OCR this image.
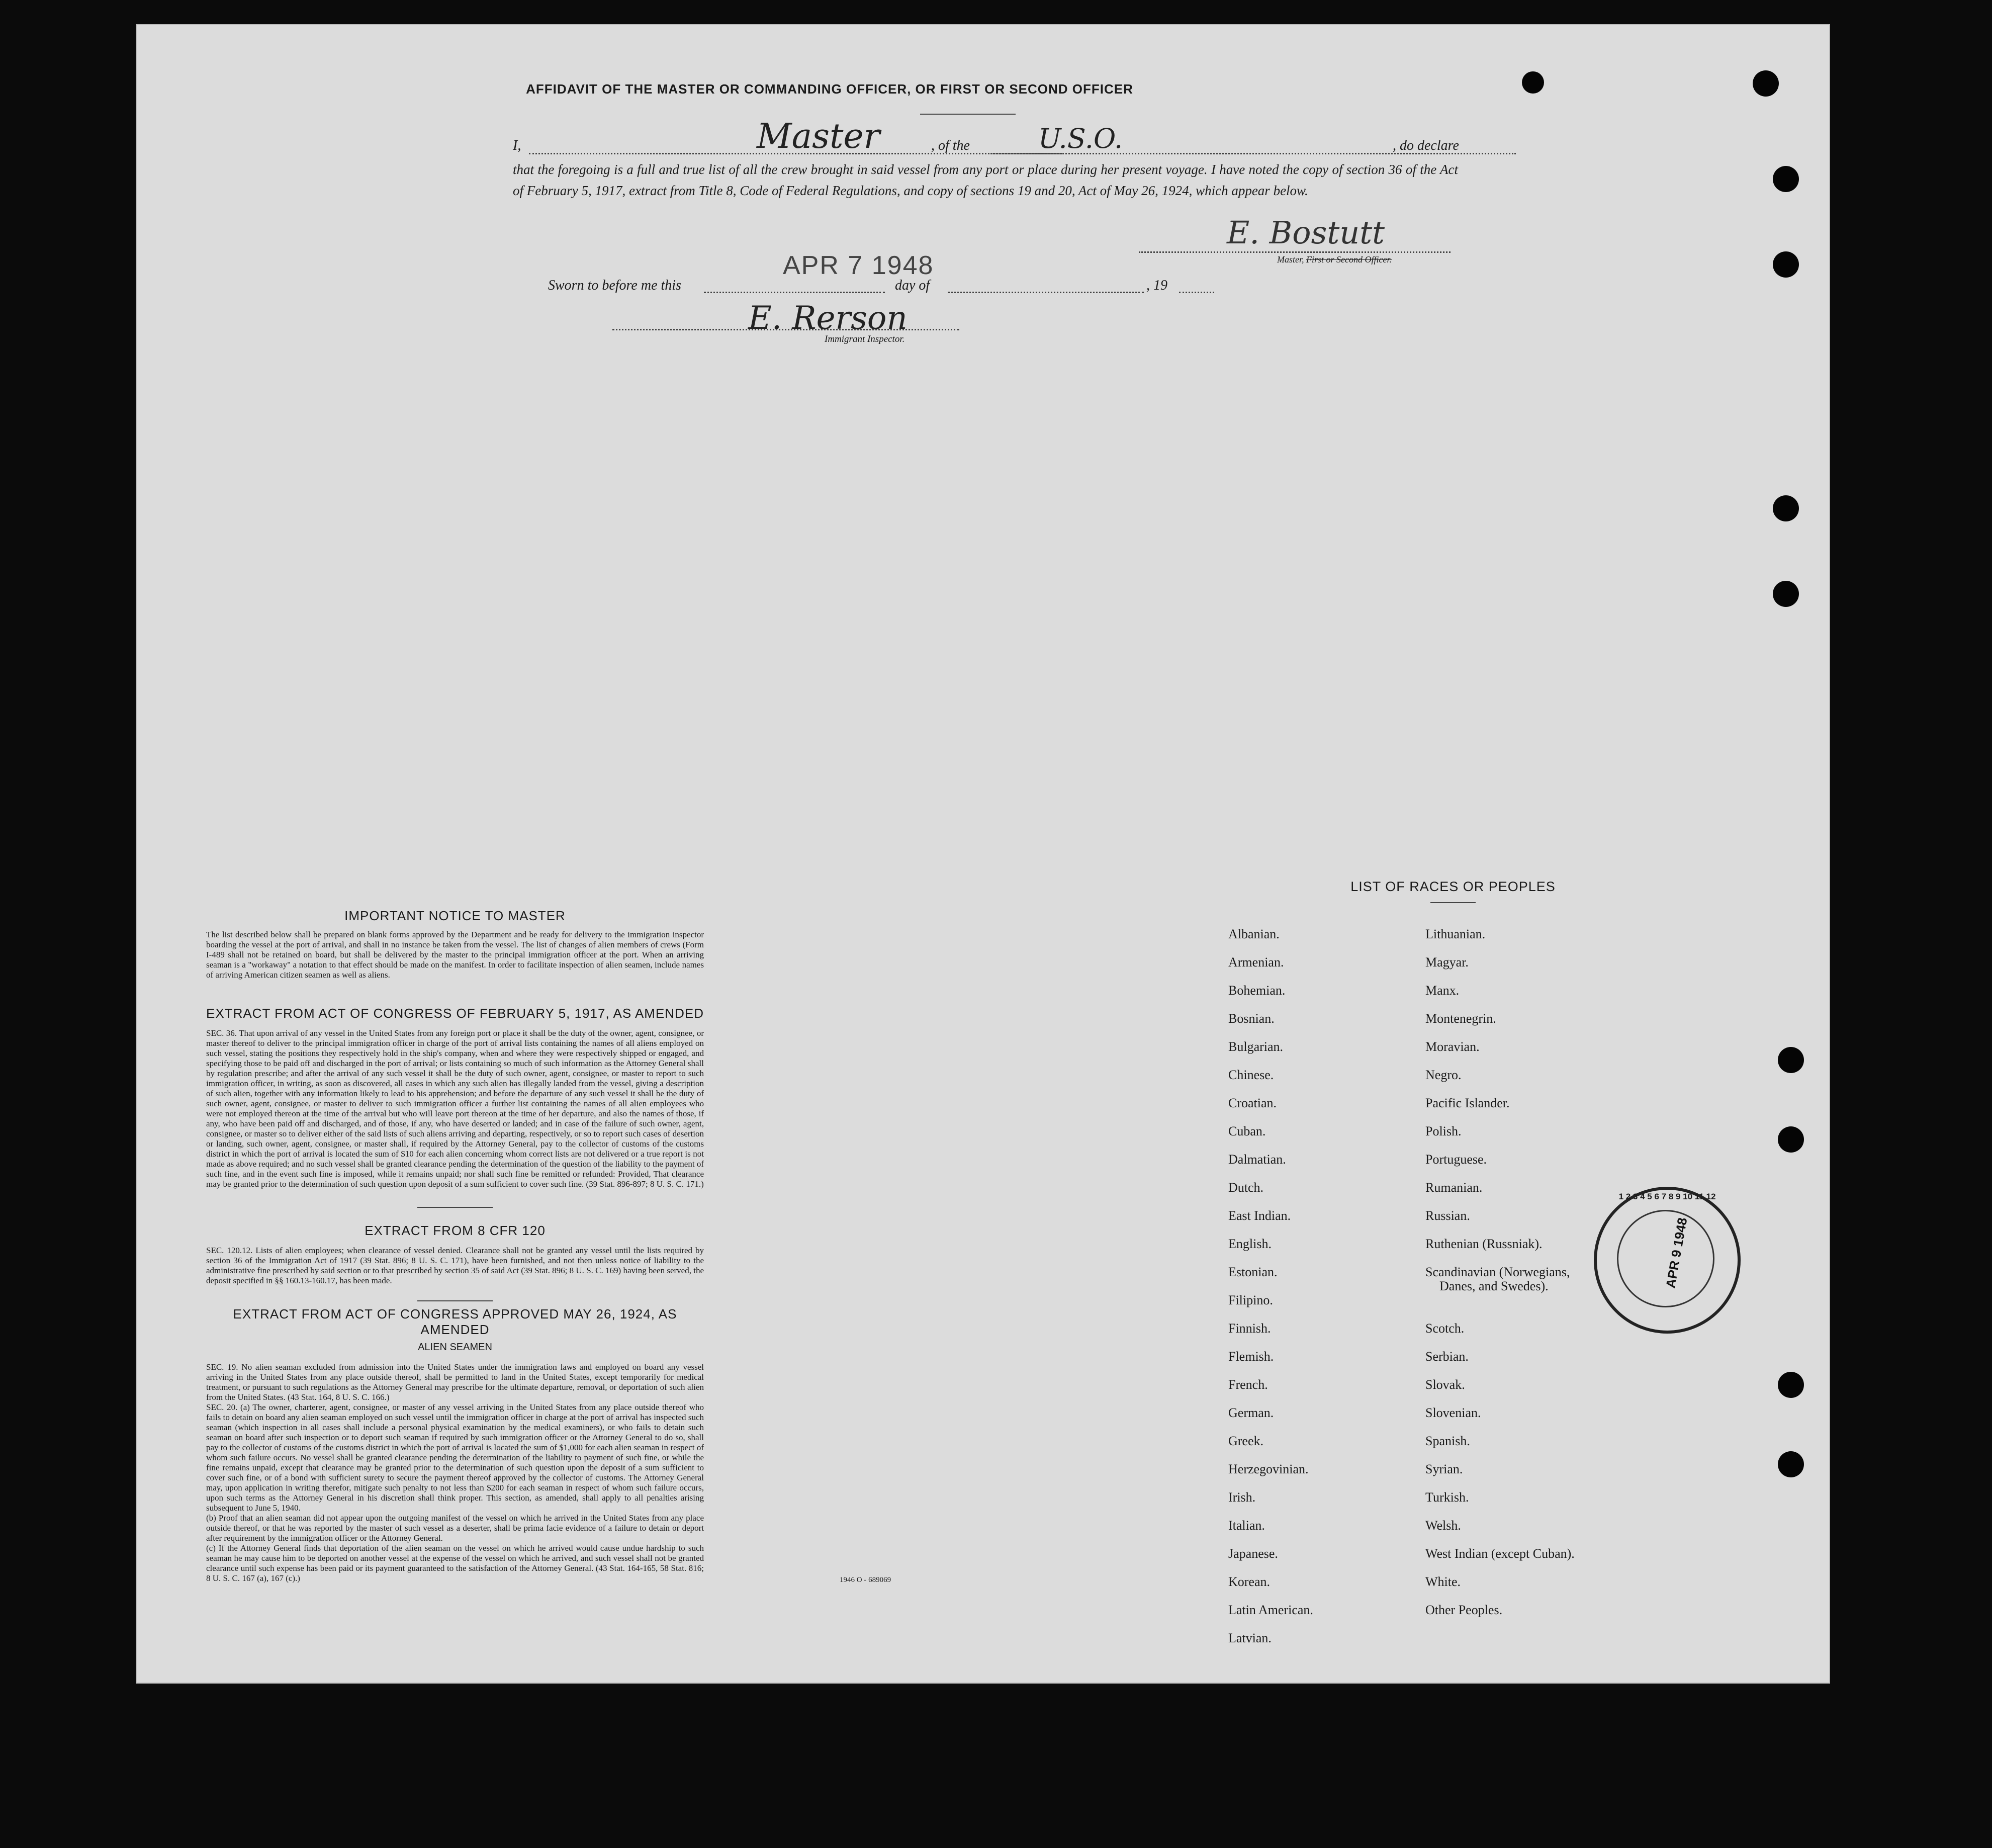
AFFIDAVIT OF THE MASTER OR COMMANDING OFFICER, OR FIRST OR SECOND OFFICER
I,	Master	, of the	U.S.O.	, do declare
that the foregoing is a full and true list of all the crew brought in said vessel from any port or place during her present voyage. I have noted the copy of section 36 of the Act of February 5, 1917, extract from Title 8, Code of Federal Regulations, and copy of sections 19 and 20, Act of May 26, 1924, which appear below.
E. Bostutt
Master, First or Second Officer.
Sworn to before me this
APR 7 1948
day of	, 19
E. Rerson
Immigrant Inspector.
IMPORTANT NOTICE TO MASTER
The list described below shall be prepared on blank forms approved by the Department and be ready for delivery to the immigration inspector boarding the vessel at the port of arrival, and shall in no instance be taken from the vessel. The list of changes of alien members of crews (Form I-489 shall not be retained on board, but shall be delivered by the master to the principal immigration officer at the port. When an arriving seaman is a "workaway" a notation to that effect should be made on the manifest. In order to facilitate inspection of alien seamen, include names of arriving American citizen seamen as well as aliens.
EXTRACT FROM ACT OF CONGRESS OF FEBRUARY 5, 1917, AS AMENDED
SEC. 36. That upon arrival of any vessel in the United States from any foreign port or place it shall be the duty of the owner, agent, consignee, or master thereof to deliver to the principal immigration officer in charge of the port of arrival lists containing the names of all aliens employed on such vessel, stating the positions they respectively hold in the ship's company, when and where they were respectively shipped or engaged, and specifying those to be paid off and discharged in the port of arrival; or lists containing so much of such information as the Attorney General shall by regulation prescribe; and after the arrival of any such vessel it shall be the duty of such owner, agent, consignee, or master to report to such immigration officer, in writing, as soon as discovered, all cases in which any such alien has illegally landed from the vessel, giving a description of such alien, together with any information likely to lead to his apprehension; and before the departure of any such vessel it shall be the duty of such owner, agent, consignee, or master to deliver to such immigration officer a further list containing the names of all alien employees who were not employed thereon at the time of the arrival but who will leave port thereon at the time of her departure, and also the names of those, if any, who have been paid off and discharged, and of those, if any, who have deserted or landed; and in case of the failure of such owner, agent, consignee, or master so to deliver either of the said lists of such aliens arriving and departing, respectively, or so to report such cases of desertion or landing, such owner, agent, consignee, or master shall, if required by the Attorney General, pay to the collector of customs of the customs district in which the port of arrival is located the sum of $10 for each alien concerning whom correct lists are not delivered or a true report is not made as above required; and no such vessel shall be granted clearance pending the determination of the question of the liability to the payment of such fine, and in the event such fine is imposed, while it remains unpaid; nor shall such fine be remitted or refunded: Provided, That clearance may be granted prior to the determination of such question upon deposit of a sum sufficient to cover such fine. (39 Stat. 896-897; 8 U. S. C. 171.)
EXTRACT FROM 8 CFR 120
SEC. 120.12. Lists of alien employees; when clearance of vessel denied. Clearance shall not be granted any vessel until the lists required by section 36 of the Immigration Act of 1917 (39 Stat. 896; 8 U. S. C. 171), have been furnished, and not then unless notice of liability to the administrative fine prescribed by said section or to that prescribed by section 35 of said Act (39 Stat. 896; 8 U. S. C. 169) having been served, the deposit specified in §§ 160.13-160.17, has been made.
EXTRACT FROM ACT OF CONGRESS APPROVED MAY 26, 1924, AS AMENDED
ALIEN SEAMEN
SEC. 19. No alien seaman excluded from admission into the United States under the immigration laws and employed on board any vessel arriving in the United States from any place outside thereof, shall be permitted to land in the United States, except temporarily for medical treatment, or pursuant to such regulations as the Attorney General may prescribe for the ultimate departure, removal, or deportation of such alien from the United States. (43 Stat. 164, 8 U. S. C. 166.)
SEC. 20. (a) The owner, charterer, agent, consignee, or master of any vessel arriving in the United States from any place outside thereof who fails to detain on board any alien seaman employed on such vessel until the immigration officer in charge at the port of arrival has inspected such seaman (which inspection in all cases shall include a personal physical examination by the medical examiners), or who fails to detain such seaman on board after such inspection or to deport such seaman if required by such immigration officer or the Attorney General to do so, shall pay to the collector of customs of the customs district in which the port of arrival is located the sum of $1,000 for each alien seaman in respect of whom such failure occurs. No vessel shall be granted clearance pending the determination of the liability to payment of such fine, or while the fine remains unpaid, except that clearance may be granted prior to the determination of such question upon the deposit of a sum sufficient to cover such fine, or of a bond with sufficient surety to secure the payment thereof approved by the collector of customs. The Attorney General may, upon application in writing therefor, mitigate such penalty to not less than $200 for each seaman in respect of whom such failure occurs, upon such terms as the Attorney General in his discretion shall think proper. This section, as amended, shall apply to all penalties arising subsequent to June 5, 1940.
(b) Proof that an alien seaman did not appear upon the outgoing manifest of the vessel on which he arrived in the United States from any place outside thereof, or that he was reported by the master of such vessel as a deserter, shall be prima facie evidence of a failure to detain or deport after requirement by the immigration officer or the Attorney General.
(c) If the Attorney General finds that deportation of the alien seaman on the vessel on which he arrived would cause undue hardship to such seaman he may cause him to be deported on another vessel at the expense of the vessel on which he arrived, and such vessel shall not be granted clearance until such expense has been paid or its payment guaranteed to the satisfaction of the Attorney General. (43 Stat. 164-165, 58 Stat. 816; 8 U. S. C. 167 (a), 167 (c).)	1946 O - 689069
LIST OF RACES OR PEOPLES
Albanian.
Armenian.
Bohemian.
Bosnian.
Bulgarian.
Chinese.
Croatian.
Cuban.
Dalmatian.
Dutch.
East Indian.
English.
Estonian.
Filipino.
Finnish.
Flemish.
French.
German.
Greek.
Herzegovinian.
Irish.
Italian.
Japanese.
Korean.
Latin American.
Latvian.
Lithuanian.
Magyar.
Manx.
Montenegrin.
Moravian.
Negro.
Pacific Islander.
Polish.
Portuguese.
Rumanian.
Russian.
Ruthenian (Russniak).
Scandinavian (Norwegians,
Danes, and Swedes).
Scotch.
Serbian.
Slovak.
Slovenian.
Spanish.
Syrian.
Turkish.
Welsh.
West Indian (except Cuban).
White.
Other Peoples.
APR 9 1948
1 2 3 4 5 6 7 8 9 10 11 12
